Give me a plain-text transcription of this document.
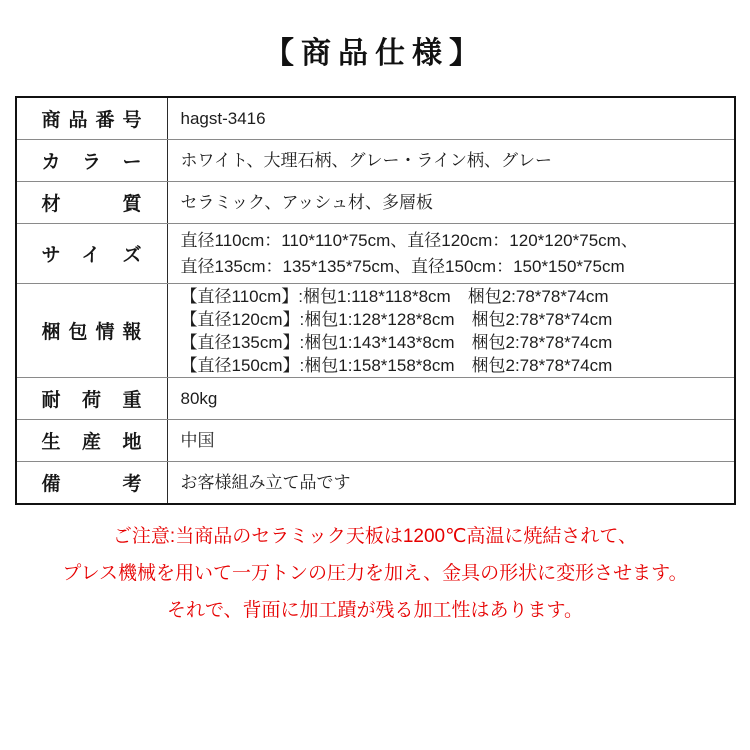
【商品仕様】
商品番号 hagst-3416
カラー ホワイト、大理石柄、グレー・ライン柄、グレー
材質 セラミック、アッシュ材、多層板
サイズ
直径110cm：110*110*75cm、直径120cm：120*120*75cm、
直径135cm：135*135*75cm、直径150cm：150*150*75cm
梱包情報
【直径110cm】:梱包1:118*118*8cm　梱包2:78*78*74cm
【直径120cm】:梱包1:128*128*8cm　梱包2:78*78*74cm
【直径135cm】:梱包1:143*143*8cm　梱包2:78*78*74cm
【直径150cm】:梱包1:158*158*8cm　梱包2:78*78*74cm
耐荷重 80kg
生産地 中国
備考 お客様組み立て品です

ご注意:当商品のセラミック天板は1200℃高温に焼結されて、

プレス機械を用いて一万トンの圧力を加え、金具の形状に変形させます。

それで、背面に加工蹟が残る加工性はあります。
